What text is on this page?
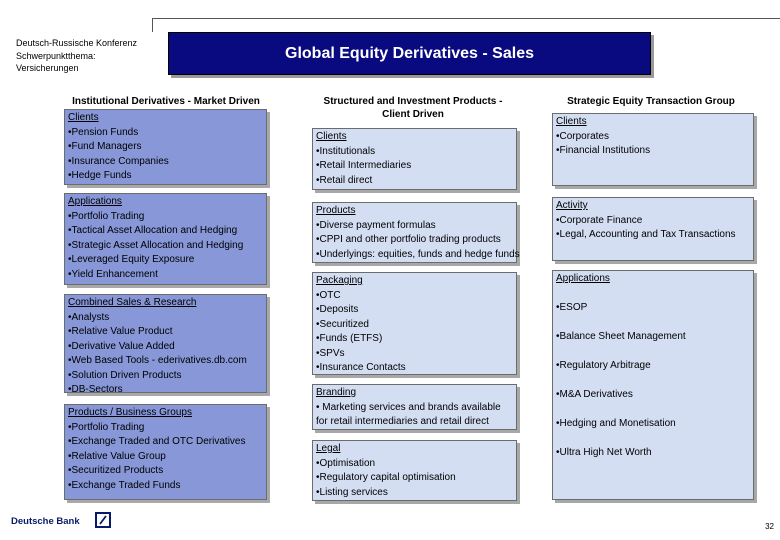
Deutsch-Russische Konferenz
Schwerpunktthema:
Versicherungen
Global Equity Derivatives - Sales
Institutional Derivatives - Market Driven	Structured and Investment Products -
Client Driven
Strategic Equity Transaction Group
Clients
•Pension Funds
•Fund Managers
•Insurance Companies
•Hedge Funds
Applications
•Portfolio Trading
•Tactical Asset Allocation and Hedging
•Strategic Asset Allocation and Hedging
•Leveraged Equity Exposure
•Yield Enhancement
Combined Sales & Research
•Analysts
•Relative Value Product
•Derivative Value Added
•Web Based Tools - ederivatives.db.com
•Solution Driven Products
•DB-Sectors
Products / Business Groups
•Portfolio Trading
•Exchange Traded and OTC Derivatives
•Relative Value Group
•Securitized Products
•Exchange Traded Funds
Clients
•Institutionals
•Retail Intermediaries
•Retail direct
Products
•Diverse payment formulas
•CPPI and other portfolio trading products
•Underlyings: equities, funds and hedge funds
Packaging
•OTC
•Deposits
•Securitized
•Funds (ETFS)
•SPVs
•Insurance Contacts
Branding
• Marketing services and brands available
for retail intermediaries and retail direct
Legal
•Optimisation
•Regulatory capital optimisation
•Listing services
Clients
•Corporates
•Financial Institutions
Activity
•Corporate Finance
•Legal, Accounting and Tax Transactions
Applications
•ESOP
•Balance Sheet Management
•Regulatory Arbitrage
•M&A Derivatives
•Hedging and Monetisation
•Ultra High Net Worth
Deutsche Bank	32
